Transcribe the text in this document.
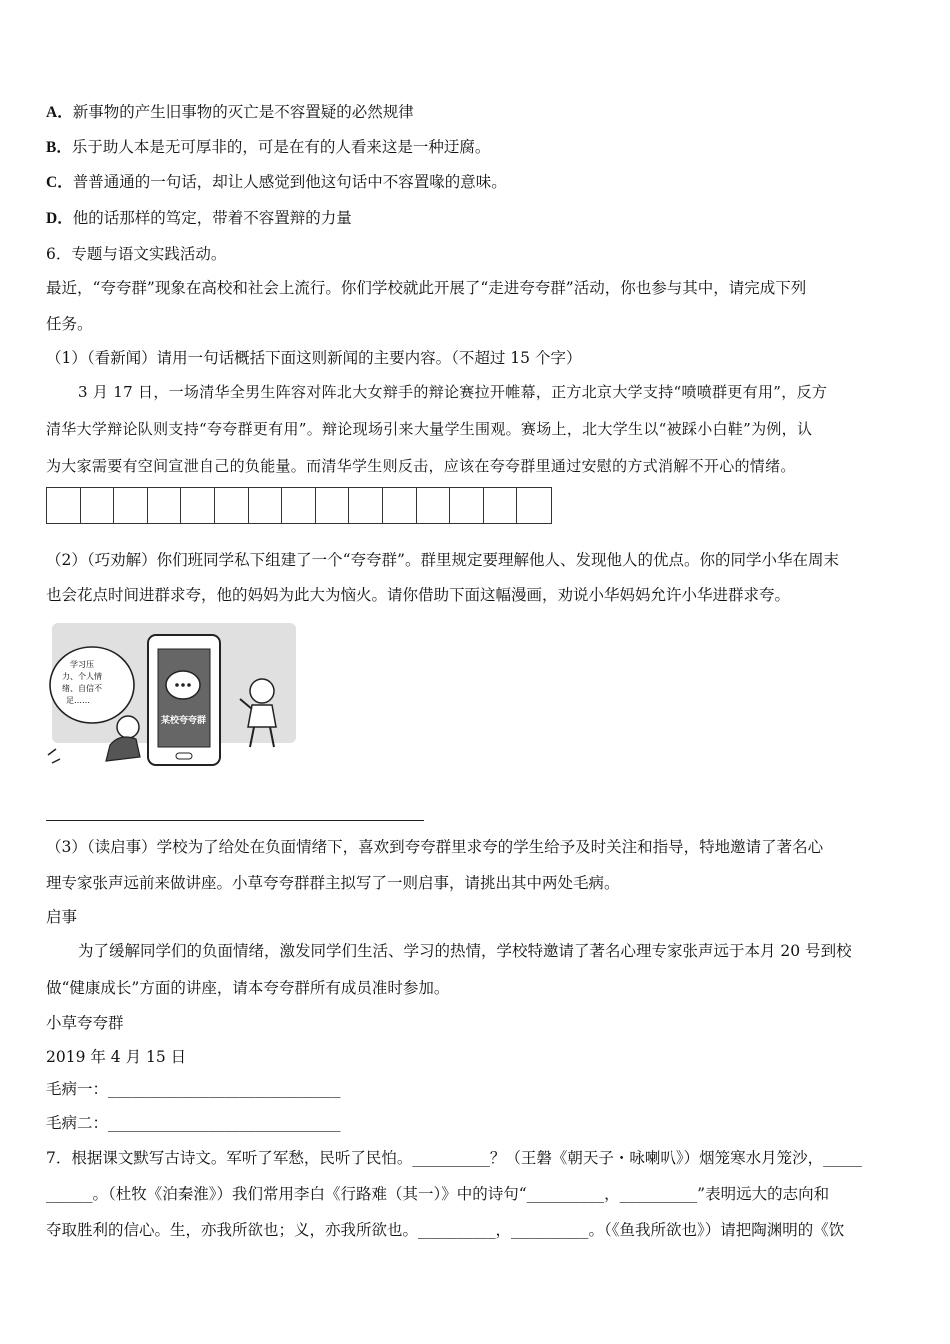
A．新事物的产生旧事物的灭亡是不容置疑的必然规律
B．乐于助人本是无可厚非的，可是在有的人看来这是一种迂腐。
C．普普通通的一句话，却让人感觉到他这句话中不容置喙的意味。
D．他的话那样的笃定，带着不容置辩的力量
6．专题与语文实践活动。
最近，“夸夸群”现象在高校和社会上流行。你们学校就此开展了“走进夸夸群”活动，你也参与其中，请完成下列
任务。
（1）（看新闻）请用一句话概括下面这则新闻的主要内容。（不超过 15 个字）
3 月 17 日，一场清华全男生阵容对阵北大女辩手的辩论赛拉开帷幕，正方北京大学支持“喷喷群更有用”，反方
清华大学辩论队则支持“夸夸群更有用”。辩论现场引来大量学生围观。赛场上，北大学生以“被踩小白鞋”为例，认
为大家需要有空间宣泄自己的负能量。而清华学生则反击，应该在夸夸群里通过安慰的方式消解不开心的情绪。
（2）（巧劝解）你们班同学私下组建了一个“夸夸群”。群里规定要理解他人、发现他人的优点。你的同学小华在周末
也会花点时间进群求夸，他的妈妈为此大为恼火。请你借助下面这幅漫画，劝说小华妈妈允许小华进群求夸。
学习压
力、个人情
绪、自信不
足……
某校夸夸群
（3）（读启事）学校为了给处在负面情绪下，喜欢到夸夸群里求夸的学生给予及时关注和指导，特地邀请了著名心
理专家张声远前来做讲座。小草夸夸群群主拟写了一则启事，请挑出其中两处毛病。
启事
为了缓解同学们的负面情绪，激发同学们生活、学习的热情，学校特邀请了著名心理专家张声远于本月 20 号到校
做“健康成长”方面的讲座，请本夸夸群所有成员准时参加。
小草夸夸群
2019 年 4 月 15 日
毛病一：______________________________
毛病二：______________________________
7．根据课文默写古诗文。军听了军愁，民听了民怕。__________？（王磐《朝天子・咏喇叭》）烟笼寒水月笼沙，_____
______。（杜牧《泊秦淮》）我们常用李白《行路难（其一）》中的诗句“__________，__________”表明远大的志向和
夺取胜利的信心。生，亦我所欲也；义，亦我所欲也。__________，__________。（《鱼我所欲也》）请把陶渊明的《饮
